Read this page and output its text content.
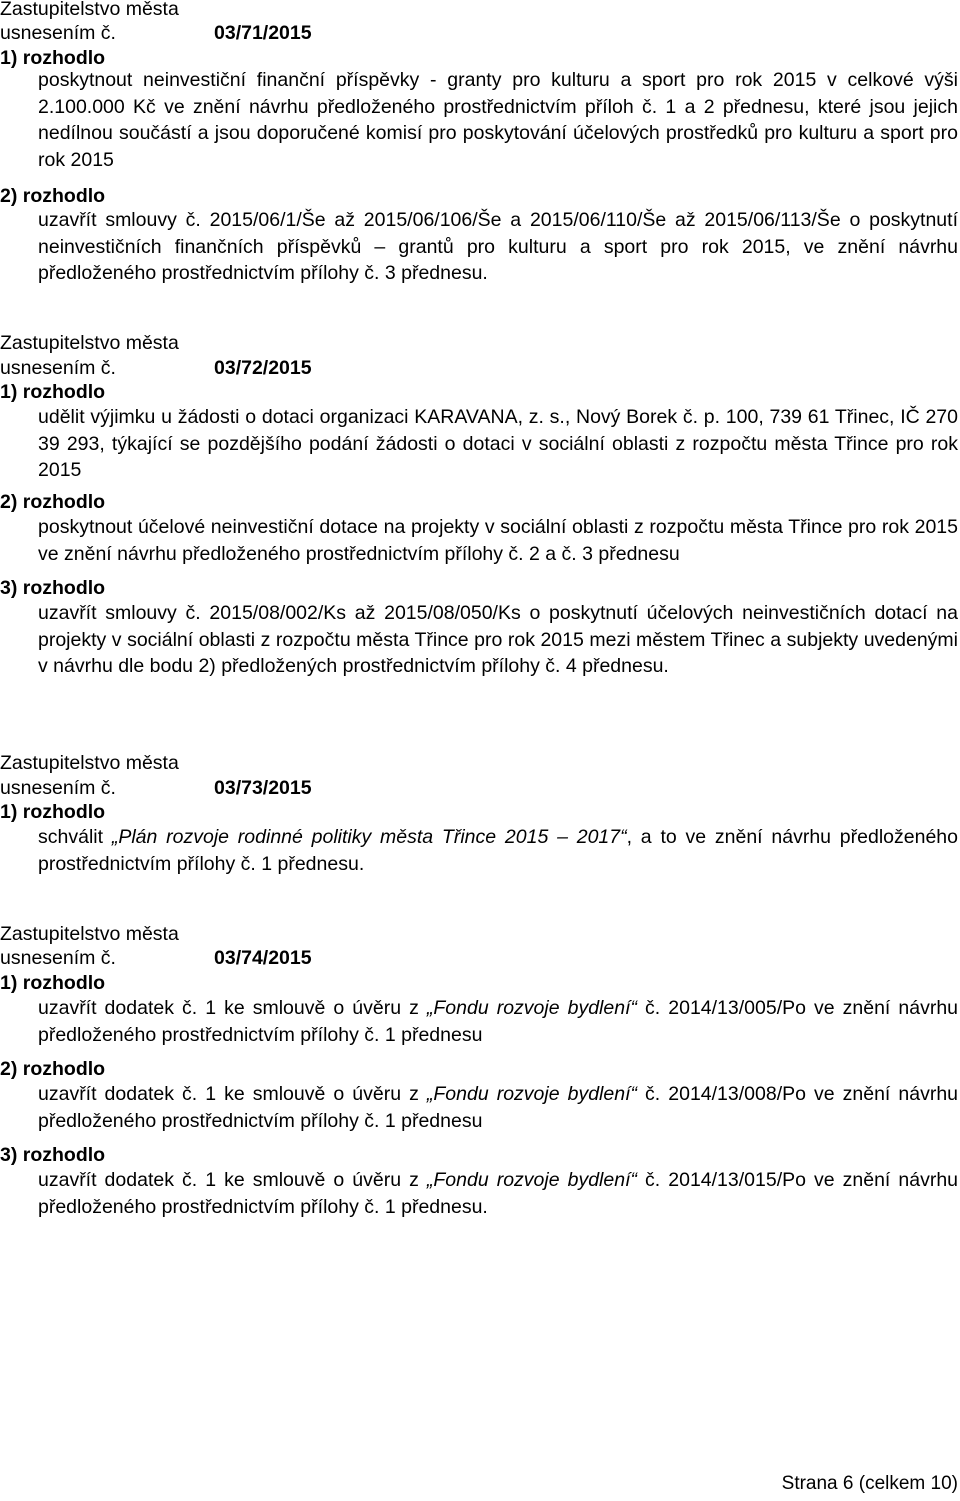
Zastupitelstvo města
usnesením č.	03/71/2015
1) rozhodlo
poskytnout neinvestiční finanční příspěvky - granty pro kulturu a sport pro rok 2015 v celkové výši 2.100.000 Kč ve znění návrhu předloženého prostřednictvím příloh č. 1 a 2 přednesu, které jsou jejich nedílnou součástí a jsou doporučené komisí pro poskytování účelových prostředků pro kulturu a sport pro rok 2015
2) rozhodlo
uzavřít smlouvy č. 2015/06/1/Še až 2015/06/106/Še a 2015/06/110/Še až 2015/06/113/Še o poskytnutí neinvestičních finančních příspěvků – grantů pro kulturu a sport pro rok 2015, ve znění návrhu předloženého prostřednictvím přílohy č. 3 přednesu.
Zastupitelstvo města
usnesením č.	03/72/2015
1) rozhodlo
udělit výjimku u žádosti o dotaci organizaci KARAVANA, z. s., Nový Borek č. p. 100, 739 61 Třinec, IČ 270 39 293, týkající se pozdějšího podání žádosti o dotaci v sociální oblasti z rozpočtu města Třince pro rok 2015
2) rozhodlo
poskytnout účelové neinvestiční dotace na projekty v sociální oblasti z rozpočtu města Třince pro rok 2015 ve znění návrhu předloženého prostřednictvím přílohy č. 2 a č. 3 přednesu
3) rozhodlo
uzavřít smlouvy č. 2015/08/002/Ks až 2015/08/050/Ks o poskytnutí účelových neinvestičních dotací na projekty v sociální oblasti z rozpočtu města Třince pro rok 2015 mezi městem Třinec a subjekty uvedenými v návrhu dle bodu 2) předložených prostřednictvím přílohy č. 4 přednesu.
Zastupitelstvo města
usnesením č.	03/73/2015
1) rozhodlo
schválit „Plán rozvoje rodinné politiky města Třince 2015 – 2017“, a to ve znění návrhu předloženého prostřednictvím přílohy č. 1 přednesu.
Zastupitelstvo města
usnesením č.	03/74/2015
1) rozhodlo
uzavřít dodatek č. 1 ke smlouvě o úvěru z „Fondu rozvoje bydlení“ č. 2014/13/005/Po ve znění návrhu předloženého prostřednictvím přílohy č. 1 přednesu
2) rozhodlo
uzavřít dodatek č. 1 ke smlouvě o úvěru z „Fondu rozvoje bydlení“ č. 2014/13/008/Po ve znění návrhu předloženého prostřednictvím přílohy č. 1 přednesu
3) rozhodlo
uzavřít dodatek č. 1 ke smlouvě o úvěru z „Fondu rozvoje bydlení“ č. 2014/13/015/Po ve znění návrhu předloženého prostřednictvím přílohy č. 1 přednesu.
Strana 6 (celkem 10)
